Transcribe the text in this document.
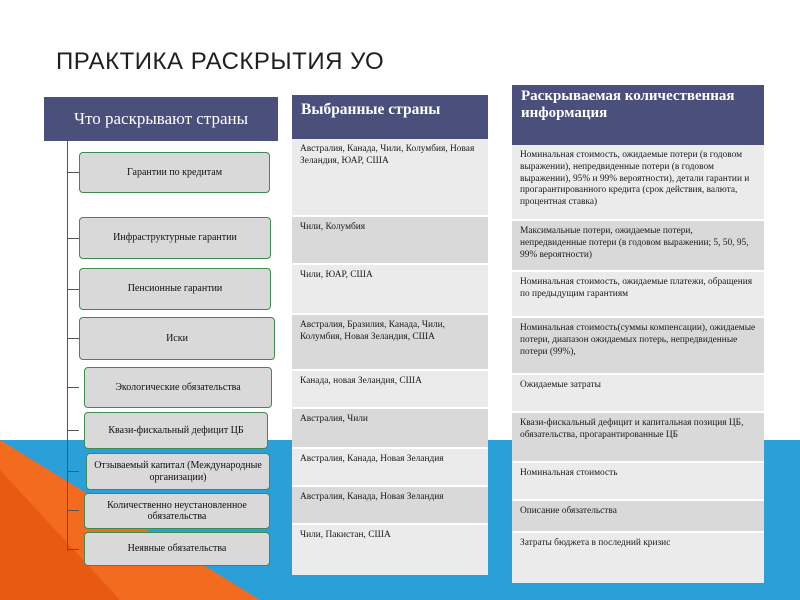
ПРАКТИКА РАСКРЫТИЯ УО
Что раскрывают страны
Гарантии по кредитам
Инфраструктурные гарантии
Пенсионные гарантии
Иски
Экологические обязательства
Квази-фискальный дефицит ЦБ
Отзываемый капитал (Международные организации)
Количественно неустановленное обязательства
Неявные обязательства
Выбранные страны
Австралия, Канада, Чили, Колумбия, Новая Зеландия, ЮАР, США
Чили, Колумбия
Чили, ЮАР, США
Австралия, Бразилия, Канада, Чили, Колумбия, Новая Зеландия, США
Канада, новая Зеландия, США
Австралия, Чили
Австралия, Канада, Новая Зеландия
Австралия, Канада, Новая Зеландия
Чили, Пакистан, США
Раскрываемая количественная информация
Номинальная стоимость, ожидаемые потери (в годовом выражении), непредвиденные потери (в годовом выражении), 95% и 99% вероятности), детали гарантии и прогарантированного кредита (срок действия, валюта, процентная ставка)
Максимальные потери, ожидаемые потери, непредвиденные потери (в годовом выражении; 5, 50, 95, 99% вероятности)
Номинальная стоимость, ожидаемые платежи, обращения по предыдущим гарантиям
Номинальная стоимость(суммы компенсации), ожидаемые потери, диапазон ожидаемых потерь, непредвиденные потери (99%),
Ожидаемые затраты
Квази-фискальный дефицит и капитальная позиция ЦБ, обязательства, прогарантированные ЦБ
Номинальная стоимость
Описание обязательства
Затраты бюджета в последний кризис
